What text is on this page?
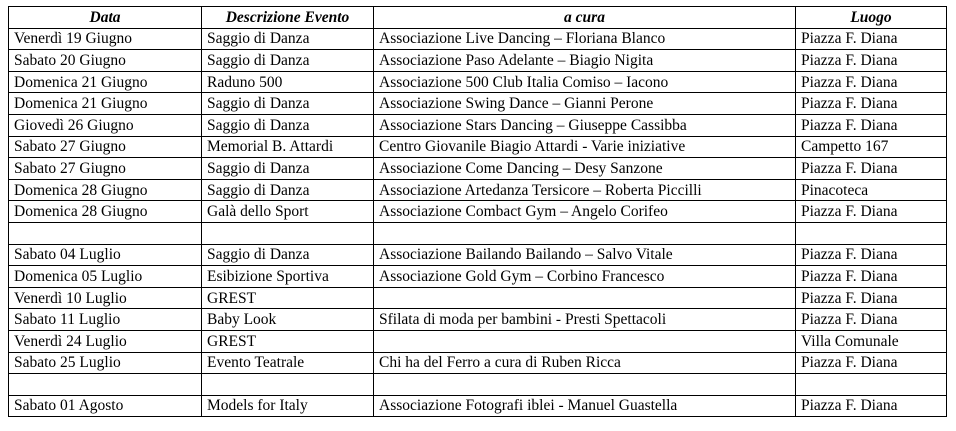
Data	Descrizione Evento	a cura	Luogo
Venerdì 19 Giugno	Saggio di Danza	Associazione Live Dancing – Floriana Blanco	Piazza F. Diana
Sabato 20 Giugno	Saggio di Danza	Associazione Paso Adelante – Biagio Nigita	Piazza F. Diana
Domenica 21 Giugno	Raduno 500	Associazione 500 Club Italia Comiso – Iacono	Piazza F. Diana
Domenica 21 Giugno	Saggio di Danza	Associazione Swing Dance – Gianni Perone	Piazza F. Diana
Giovedì 26 Giugno	Saggio di Danza	Associazione Stars Dancing – Giuseppe Cassibba	Piazza F. Diana
Sabato 27 Giugno	Memorial B. Attardi	Centro Giovanile Biagio Attardi - Varie iniziative	Campetto 167
Sabato 27 Giugno	Saggio di Danza	Associazione Come Dancing – Desy Sanzone	Piazza F. Diana
Domenica 28 Giugno	Saggio di Danza	Associazione Artedanza Tersicore – Roberta Piccilli	Pinacoteca
Domenica 28 Giugno	Galà dello Sport	Associazione Combact Gym – Angelo Corifeo	Piazza F. Diana

Sabato 04 Luglio	Saggio di Danza	Associazione Bailando Bailando – Salvo Vitale	Piazza F. Diana
Domenica 05 Luglio	Esibizione Sportiva	Associazione Gold Gym – Corbino Francesco	Piazza F. Diana
Venerdì 10 Luglio	GREST		Piazza F. Diana
Sabato 11 Luglio	Baby Look	Sfilata di moda per bambini - Presti Spettacoli	Piazza F. Diana
Venerdì 24 Luglio	GREST		Villa Comunale
Sabato 25 Luglio	Evento Teatrale	Chi ha del Ferro a cura di Ruben Ricca	Piazza F. Diana

Sabato 01 Agosto	Models for Italy	Associazione Fotografi iblei - Manuel Guastella	Piazza F. Diana
